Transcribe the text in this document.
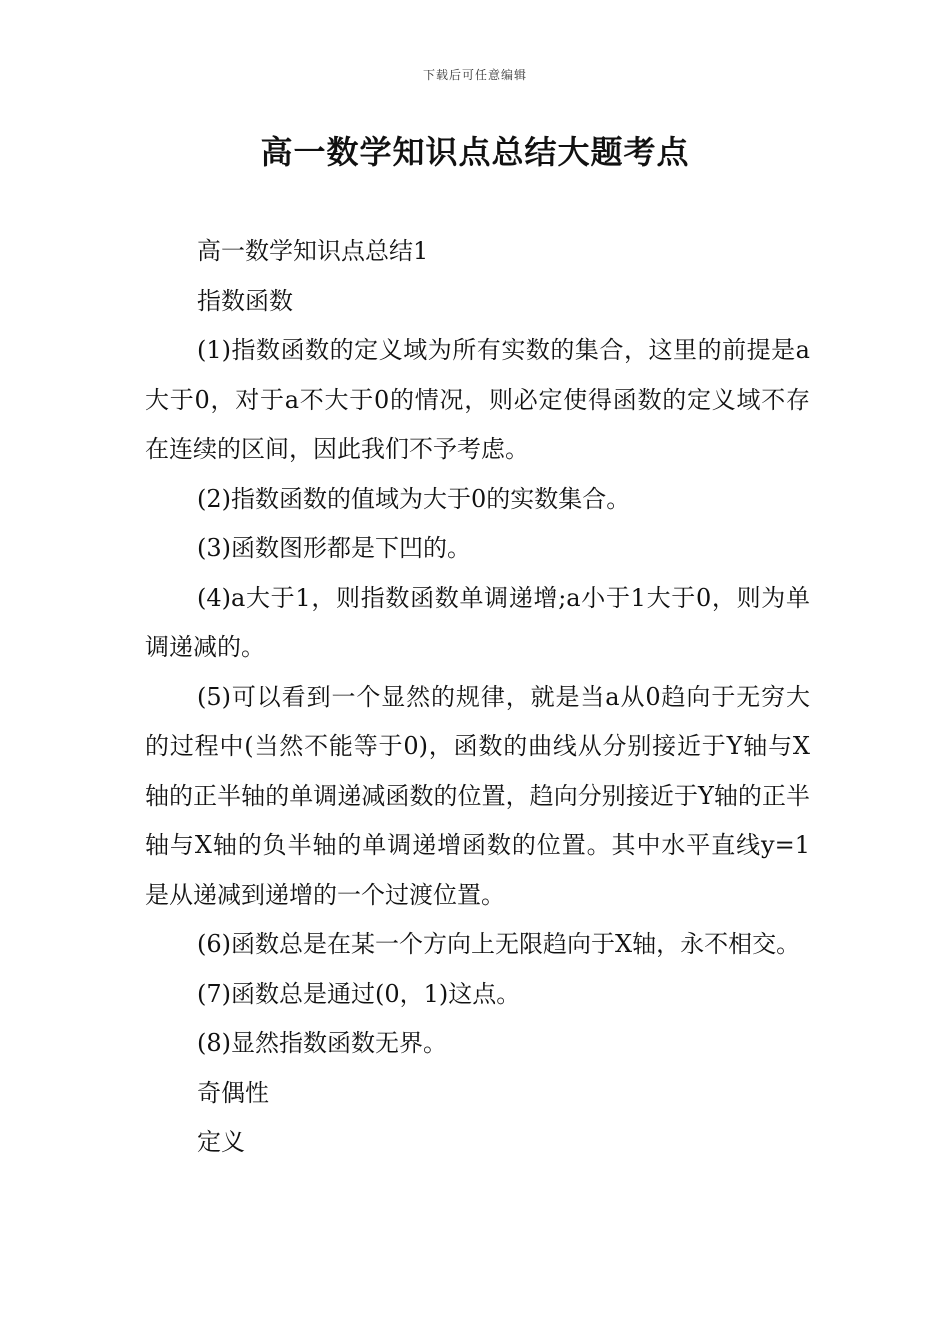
下载后可任意编辑
高一数学知识点总结大题考点

高一数学知识点总结1

指数函数

(1)指数函数的定义域为所有实数的集合，这里的前提是a大于0，对于a不大于0的情况，则必定使得函数的定义域不存在连续的区间，因此我们不予考虑。

(2)指数函数的值域为大于0的实数集合。

(3)函数图形都是下凹的。

(4)a大于1，则指数函数单调递增;a小于1大于0，则为单调递减的。

(5)可以看到一个显然的规律，就是当a从0趋向于无穷大的过程中(当然不能等于0)，函数的曲线从分别接近于Y轴与X轴的正半轴的单调递减函数的位置，趋向分别接近于Y轴的正半轴与X轴的负半轴的单调递增函数的位置。其中水平直线y=1是从递减到递增的一个过渡位置。

(6)函数总是在某一个方向上无限趋向于X轴，永不相交。

(7)函数总是通过(0，1)这点。

(8)显然指数函数无界。

奇偶性

定义
